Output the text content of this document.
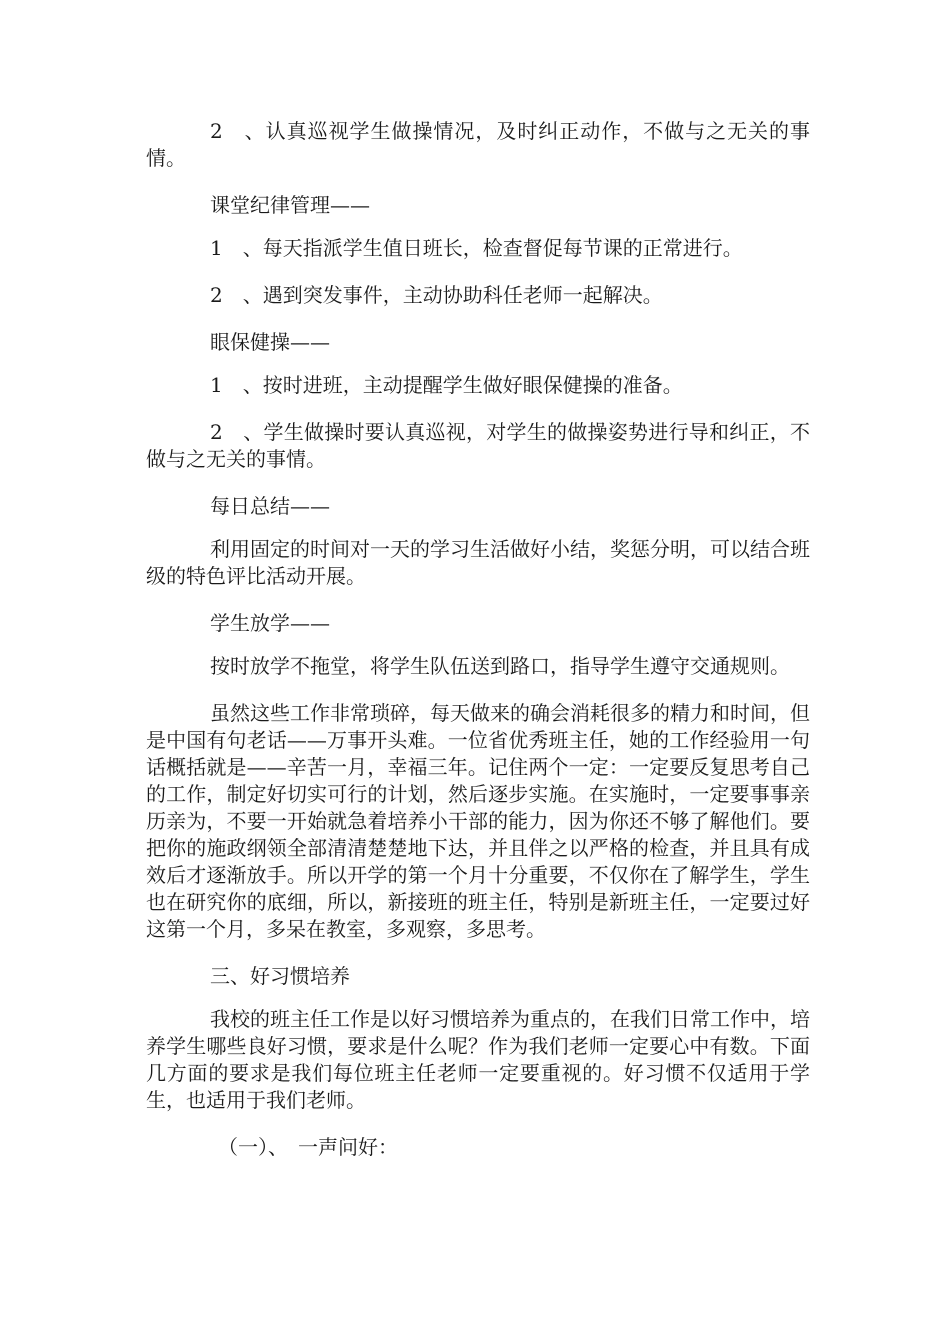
2　、认真巡视学生做操情况，及时纠正动作，不做与之无关的事情。

课堂纪律管理——

1　、每天指派学生值日班长，检查督促每节课的正常进行。

2　、遇到突发事件，主动协助科任老师一起解决。

眼保健操——

1　、按时进班，主动提醒学生做好眼保健操的准备。

2　、学生做操时要认真巡视，对学生的做操姿势进行导和纠正，不做与之无关的事情。

每日总结——

利用固定的时间对一天的学习生活做好小结，奖惩分明，可以结合班级的特色评比活动开展。

学生放学——

按时放学不拖堂，将学生队伍送到路口，指导学生遵守交通规则。

虽然这些工作非常琐碎，每天做来的确会消耗很多的精力和时间，但是中国有句老话——万事开头难。一位省优秀班主任，她的工作经验用一句话概括就是——辛苦一月，幸福三年。记住两个一定：一定要反复思考自己的工作，制定好切实可行的计划，然后逐步实施。在实施时，一定要事事亲历亲为，不要一开始就急着培养小干部的能力，因为你还不够了解他们。要把你的施政纲领全部清清楚楚地下达，并且伴之以严格的检查，并且具有成效后才逐渐放手。所以开学的第一个月十分重要，不仅你在了解学生，学生也在研究你的底细，所以，新接班的班主任，特别是新班主任，一定要过好这第一个月，多呆在教室，多观察，多思考。

三、好习惯培养

我校的班主任工作是以好习惯培养为重点的，在我们日常工作中，培养学生哪些良好习惯，要求是什么呢？作为我们老师一定要心中有数。下面几方面的要求是我们每位班主任老师一定要重视的。好习惯不仅适用于学生，也适用于我们老师。

（一）、　一声问好：
